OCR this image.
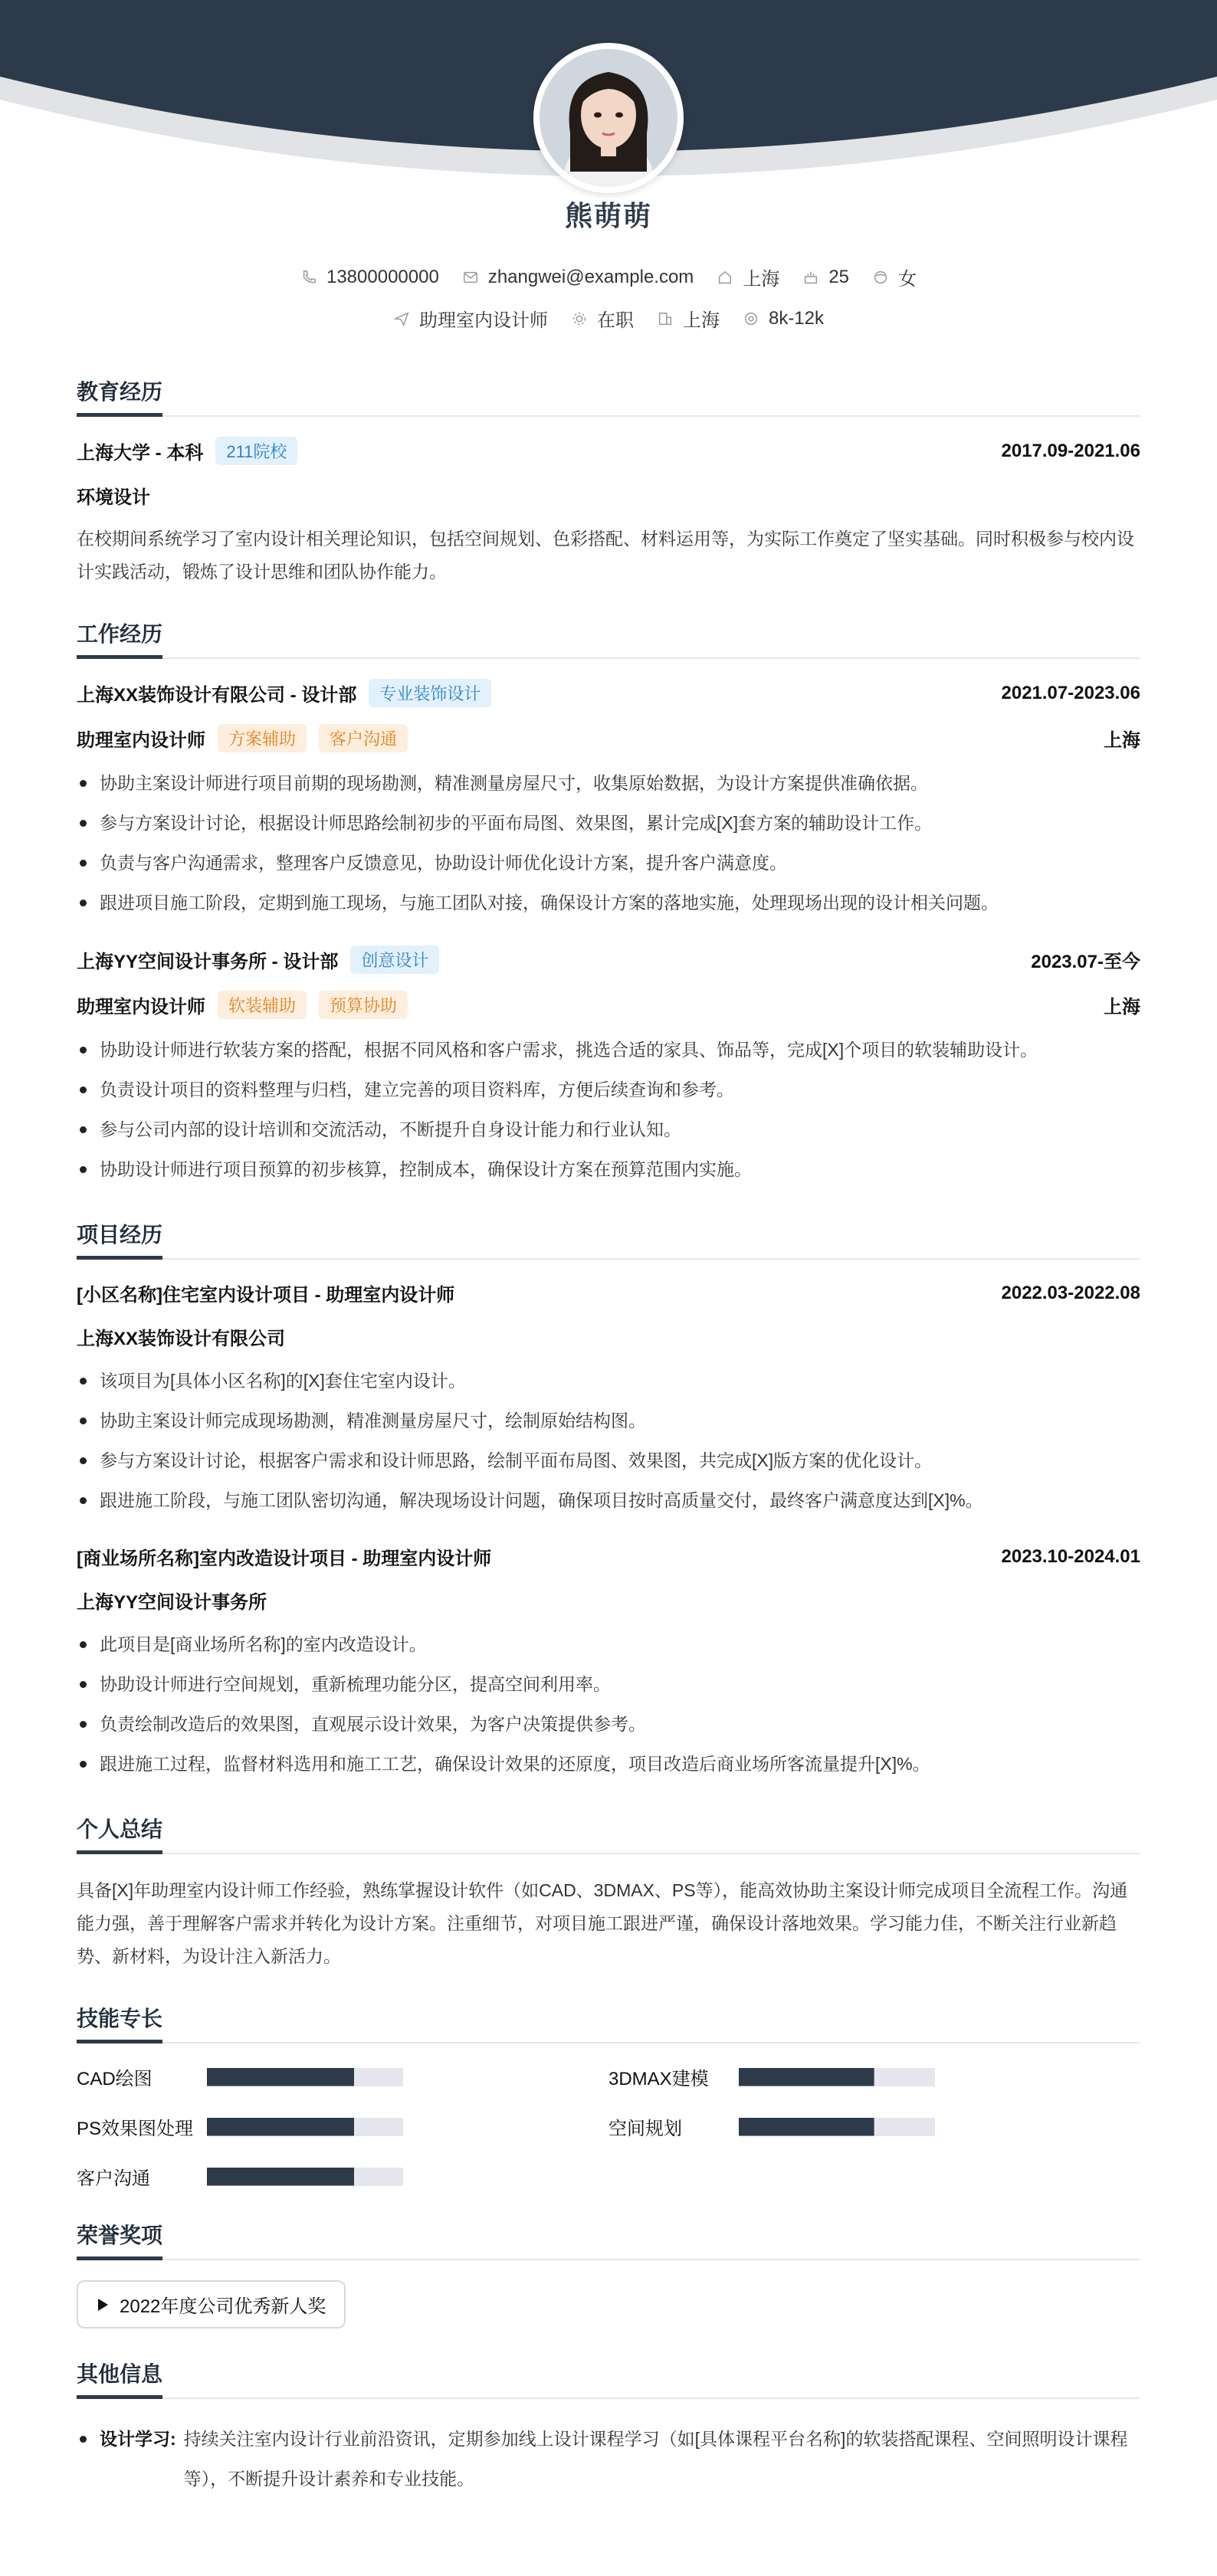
熊萌萌
13800000000	zhangwei@example.com	上海	25	女
助理室内设计师	在职	上海	8k-12k
教育经历
上海大学 - 本科	211院校	2017.09-2021.06
环境设计
在校期间系统学习了室内设计相关理论知识，包括空间规划、色彩搭配、材料运用等，为实际工作奠定了坚实基础。同时积极参与校内设计实践活动，锻炼了设计思维和团队协作能力。
工作经历
上海XX装饰设计有限公司 - 设计部	专业装饰设计	2021.07-2023.06
助理室内设计师	方案辅助	客户沟通	上海
协助主案设计师进行项目前期的现场勘测，精准测量房屋尺寸，收集原始数据，为设计方案提供准确依据。
参与方案设计讨论，根据设计师思路绘制初步的平面布局图、效果图，累计完成[X]套方案的辅助设计工作。
负责与客户沟通需求，整理客户反馈意见，协助设计师优化设计方案，提升客户满意度。
跟进项目施工阶段，定期到施工现场，与施工团队对接，确保设计方案的落地实施，处理现场出现的设计相关问题。
上海YY空间设计事务所 - 设计部	创意设计	2023.07-至今
助理室内设计师	软装辅助	预算协助	上海
协助设计师进行软装方案的搭配，根据不同风格和客户需求，挑选合适的家具、饰品等，完成[X]个项目的软装辅助设计。
负责设计项目的资料整理与归档，建立完善的项目资料库，方便后续查询和参考。
参与公司内部的设计培训和交流活动，不断提升自身设计能力和行业认知。
协助设计师进行项目预算的初步核算，控制成本，确保设计方案在预算范围内实施。
项目经历
[小区名称]住宅室内设计项目 - 助理室内设计师	2022.03-2022.08
上海XX装饰设计有限公司
该项目为[具体小区名称]的[X]套住宅室内设计。
协助主案设计师完成现场勘测，精准测量房屋尺寸，绘制原始结构图。
参与方案设计讨论，根据客户需求和设计师思路，绘制平面布局图、效果图，共完成[X]版方案的优化设计。
跟进施工阶段，与施工团队密切沟通，解决现场设计问题，确保项目按时高质量交付，最终客户满意度达到[X]%。
[商业场所名称]室内改造设计项目 - 助理室内设计师	2023.10-2024.01
上海YY空间设计事务所
此项目是[商业场所名称]的室内改造设计。
协助设计师进行空间规划，重新梳理功能分区，提高空间利用率。
负责绘制改造后的效果图，直观展示设计效果，为客户决策提供参考。
跟进施工过程，监督材料选用和施工工艺，确保设计效果的还原度，项目改造后商业场所客流量提升[X]%。
个人总结
具备[X]年助理室内设计师工作经验，熟练掌握设计软件（如CAD、3DMAX、PS等），能高效协助主案设计师完成项目全流程工作。沟通能力强，善于理解客户需求并转化为设计方案。注重细节，对项目施工跟进严谨，确保设计落地效果。学习能力佳，不断关注行业新趋势、新材料，为设计注入新活力。
技能专长
CAD绘图	3DMAX建模
PS效果图处理	空间规划
客户沟通
荣誉奖项
2022年度公司优秀新人奖
其他信息
设计学习: 持续关注室内设计行业前沿资讯，定期参加线上设计课程学习（如[具体课程平台名称]的软装搭配课程、空间照明设计课程等），不断提升设计素养和专业技能。
